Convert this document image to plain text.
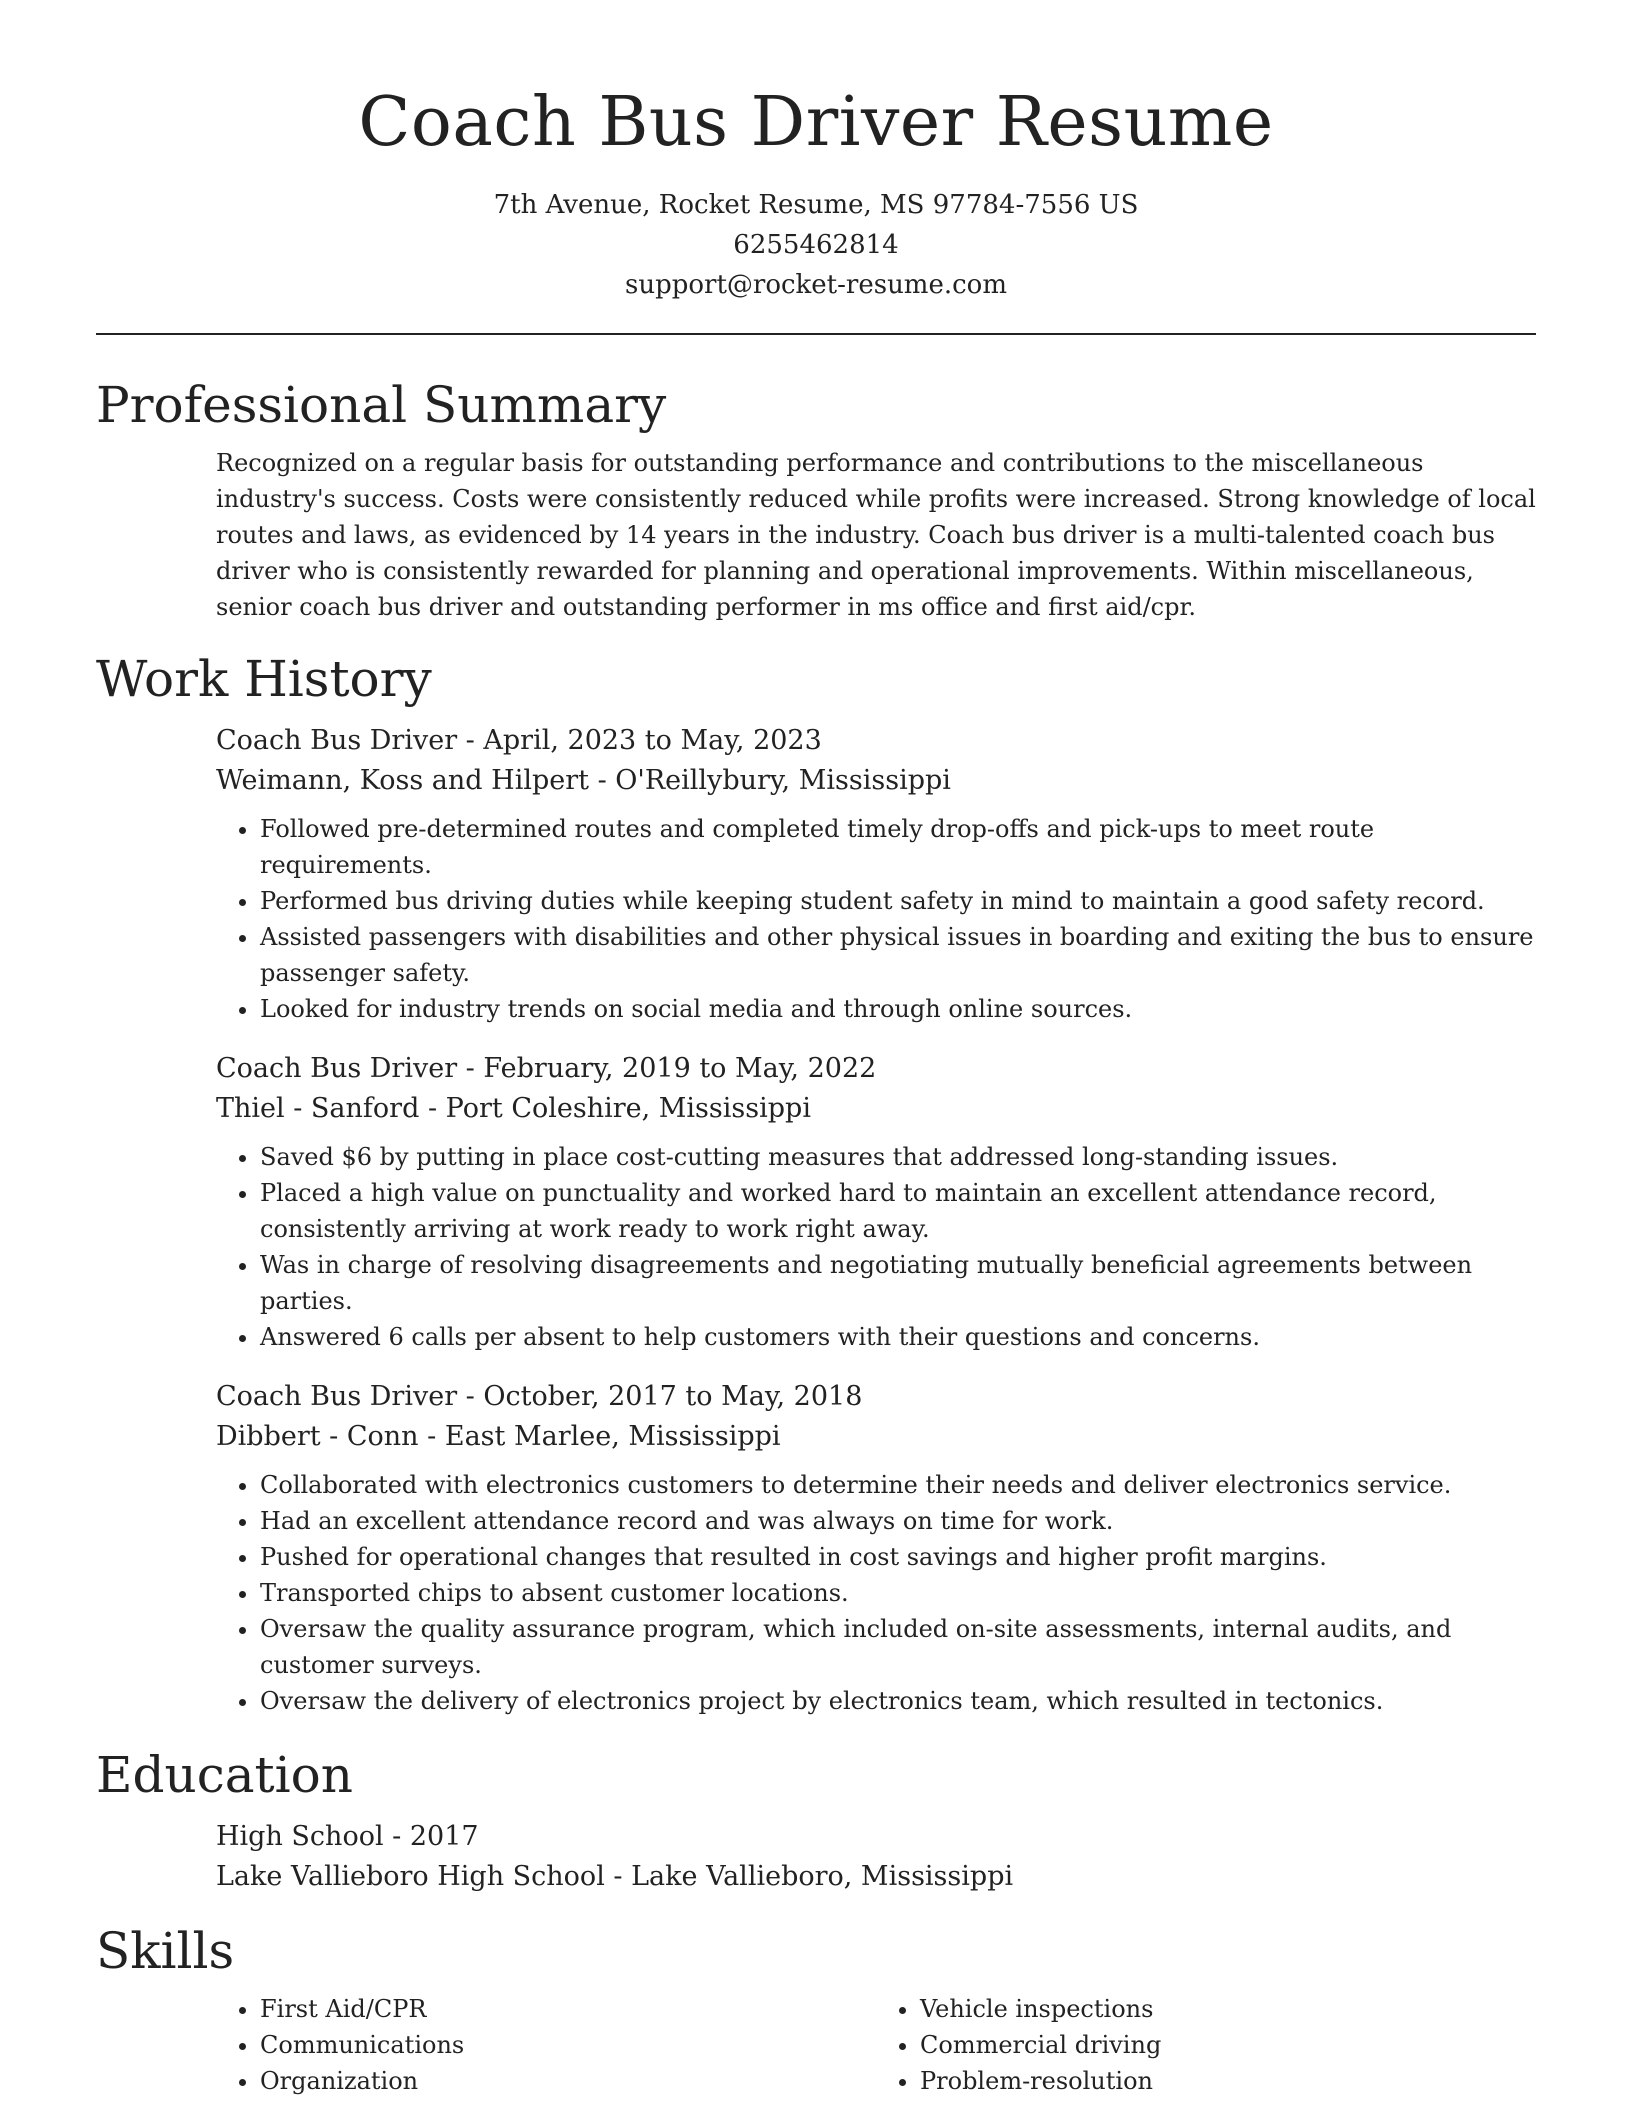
Coach Bus Driver Resume

7th Avenue, Rocket Resume, MS 97784-7556 US

6255462814

support@rocket-resume.com

Professional Summary

Recognized on a regular basis for outstanding performance and contributions to the miscellaneous industry's success. Costs were consistently reduced while profits were increased. Strong knowledge of local routes and laws, as evidenced by 14 years in the industry. Coach bus driver is a multi-talented coach bus driver who is consistently rewarded for planning and operational improvements. Within miscellaneous, senior coach bus driver and outstanding performer in ms office and first aid/cpr.

Work History
Coach Bus Driver - April, 2023 to May, 2023
Weimann, Koss and Hilpert - O'Reillybury, Mississippi
• Followed pre-determined routes and completed timely drop-offs and pick-ups to meet route requirements.
• Performed bus driving duties while keeping student safety in mind to maintain a good safety record.
• Assisted passengers with disabilities and other physical issues in boarding and exiting the bus to ensure passenger safety.
• Looked for industry trends on social media and through online sources.
Coach Bus Driver - February, 2019 to May, 2022
Thiel - Sanford - Port Coleshire, Mississippi
• Saved $6 by putting in place cost-cutting measures that addressed long-standing issues.
• Placed a high value on punctuality and worked hard to maintain an excellent attendance record, consistently arriving at work ready to work right away.
• Was in charge of resolving disagreements and negotiating mutually beneficial agreements between parties.
• Answered 6 calls per absent to help customers with their questions and concerns.
Coach Bus Driver - October, 2017 to May, 2018
Dibbert - Conn - East Marlee, Mississippi
• Collaborated with electronics customers to determine their needs and deliver electronics service.
• Had an excellent attendance record and was always on time for work.
• Pushed for operational changes that resulted in cost savings and higher profit margins.
• Transported chips to absent customer locations.
• Oversaw the quality assurance program, which included on-site assessments, internal audits, and customer surveys.
• Oversaw the delivery of electronics project by electronics team, which resulted in tectonics.
Education
High School - 2017
Lake Vallieboro High School - Lake Vallieboro, Mississippi
Skills
• First Aid/CPR
• Communications
• Organization
• Vehicle inspections
• Commercial driving
• Problem-resolution
